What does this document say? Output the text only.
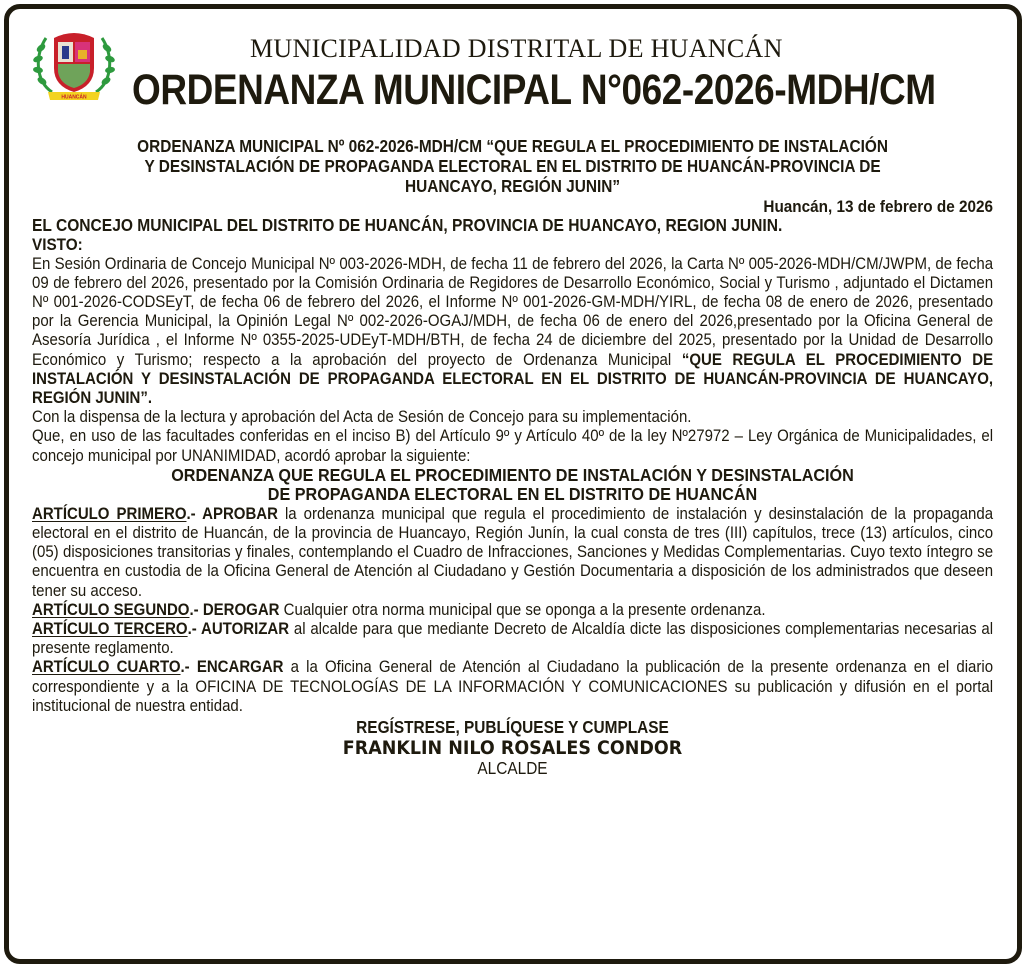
HUANCÁN
MUNICIPALIDAD DISTRITAL DE HUANCÁN
ORDENANZA MUNICIPAL N°062-2026-MDH/CM
ORDENANZA MUNICIPAL Nº 062-2026-MDH/CM “QUE REGULA EL PROCEDIMIENTO DE INSTALACIÓN
Y DESINSTALACIÓN DE PROPAGANDA ELECTORAL EN EL DISTRITO DE HUANCÁN-PROVINCIA DE
HUANCAYO, REGIÓN JUNIN”
Huancán, 13 de febrero de 2026
EL CONCEJO MUNICIPAL DEL DISTRITO DE HUANCÁN, PROVINCIA DE HUANCAYO, REGION JUNIN.
VISTO:
En Sesión Ordinaria de Concejo Municipal Nº 003-2026-MDH, de fecha 11 de febrero del 2026, la Carta Nº 005-2026-MDH/CM/JWPM, de fecha 09 de febrero del 2026, presentado por la Comisión Ordinaria de Regidores de Desarrollo Económico, Social y Turismo , adjuntado el Dictamen Nº 001-2026-CODSEyT, de fecha 06 de febrero del 2026, el Informe Nº 001-2026-GM-MDH/YIRL, de fecha 08 de enero de 2026, presentado por la Gerencia Municipal, la Opinión Legal Nº 002-2026-OGAJ/MDH, de fecha 06 de enero del 2026,presentado por la Oficina General de Asesoría Jurídica , el Informe Nº 0355-2025-UDEyT-MDH/BTH, de fecha 24 de diciembre del 2025, presentado por la Unidad de Desarrollo Económico y Turismo; respecto a la aprobación del proyecto de Ordenanza Municipal “QUE REGULA EL PROCEDIMIENTO DE INSTALACIÓN Y DESINSTALACIÓN DE PROPAGANDA ELECTORAL EN EL DISTRITO DE HUANCÁN-PROVINCIA DE HUANCAYO, REGIÓN JUNIN”.
Con la dispensa de la lectura y aprobación del Acta de Sesión de Concejo para su implementación.
Que, en uso de las facultades conferidas en el inciso B) del Artículo 9º y Artículo 40º de la ley Nº27972 – Ley Orgánica de Municipalidades, el concejo municipal por UNANIMIDAD, acordó aprobar la siguiente:
ORDENANZA QUE REGULA EL PROCEDIMIENTO DE INSTALACIÓN Y DESINSTALACIÓN
DE PROPAGANDA ELECTORAL EN EL DISTRITO DE HUANCÁN
ARTÍCULO PRIMERO.- APROBAR la ordenanza municipal que regula el procedimiento de instalación y desinstalación de la propaganda electoral en el distrito de Huancán, de la provincia de Huancayo, Región Junín, la cual consta de tres (III) capítulos, trece (13) artículos, cinco (05) disposiciones transitorias y finales, contemplando el Cuadro de Infracciones, Sanciones y Medidas Complementarias. Cuyo texto íntegro se encuentra en custodia de la Oficina General de Atención al Ciudadano y Gestión Documentaria a disposición de los administrados que deseen tener su acceso.
ARTÍCULO SEGUNDO.- DEROGAR Cualquier otra norma municipal que se oponga a la presente ordenanza.
ARTÍCULO TERCERO.- AUTORIZAR al alcalde para que mediante Decreto de Alcaldía dicte las disposiciones complementarias necesarias al presente reglamento.
ARTÍCULO CUARTO.- ENCARGAR a la Oficina General de Atención al Ciudadano la publicación de la presente ordenanza en el diario correspondiente y a la OFICINA DE TECNOLOGÍAS DE LA INFORMACIÓN Y COMUNICACIONES su publicación y difusión en el portal institucional de nuestra entidad.
REGÍSTRESE, PUBLÍQUESE Y CUMPLASE
FRANKLIN NILO ROSALES CONDOR
ALCALDE
